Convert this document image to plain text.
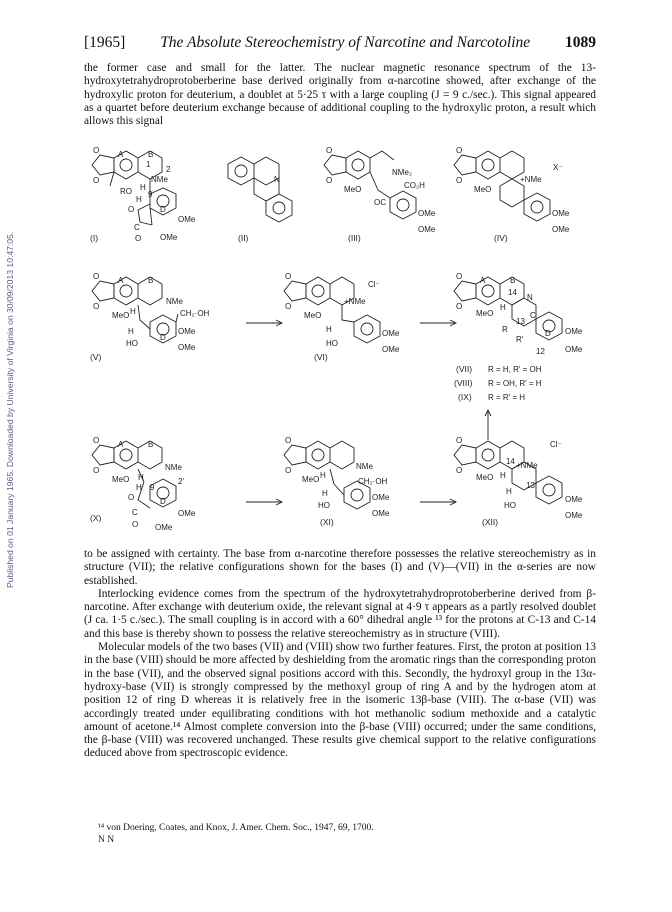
Published on 01 January 1965. Downloaded by University of Virginia on 30/09/2013 10:47:05.
[1965] The Absolute Stereochemistry of Narcotine and Narcotoline 1089

the former case and small for the latter. The nuclear magnetic resonance spectrum of the 13-hydroxytetrahydroprotoberberine base derived originally from α-narcotine showed, after exchange of the hydroxylic proton for deuterium, a doublet at 5·25 τ with a large coupling (J = 9 c./sec.). This signal appeared as a quartet before deuterium exchange because of additional coupling to the hydroxylic proton, a result which allows this signal

O
O
A	B
1
NMe
2
RO H
H
9
D
O
C
O
OMe
OMe
(I)
N
(II)
O
O
NMe₂
MeO
OC
CO₂H
OMe
OMe
(III)
O
O	+NMe
X⁻
MeO
OMe
OMe
(IV)
O
O
A	B
NMe
MeO H	CH₂·OH
H
HO
D
OMe
OMe
(V)
O
O
+NMe
Cl⁻
MeO
H
HO
OMe
OMe
(VI)
O
O
A	B
14
N
MeO
H
C
13
R
R′
D
12
OMe
OMe
(VII) R = H, R′ = OH
(VIII) R = OH, R′ = H
(IX) R = R′ = H
O
O
A	B
NMe
MeO H
H 9
2′
D
O
C
O
OMe
OMe
(X)
O
O	NMe
MeO H
CH₂·OH
H
HO
OMe
OMe
(XI)
O
O
14 +NMe
Cl⁻
MeO H
13
H
HO
OMe
OMe
(XII)

to be assigned with certainty. The base from α-narcotine therefore possesses the relative stereochemistry as in structure (VII); the relative configurations shown for the bases (I) and (V)—(VII) in the α-series are now established.

Interlocking evidence comes from the spectrum of the hydroxytetrahydroprotoberberine derived from β-narcotine. After exchange with deuterium oxide, the relevant signal at 4·9 τ appears as a partly resolved doublet (J ca. 1·5 c./sec.). The small coupling is in accord with a 60° dihedral angle ¹³ for the protons at C-13 and C-14 and this base is thereby shown to possess the relative stereochemistry as in structure (VIII).

Molecular models of the two bases (VII) and (VIII) show two further features. First, the proton at position 13 in the base (VIII) should be more affected by deshielding from the aromatic rings than the corresponding proton in the base (VII), and the observed signal positions accord with this. Secondly, the hydroxyl group in the 13α-hydroxy-base (VII) is strongly compressed by the methoxyl group of ring A and by the hydrogen atom at position 12 of ring D whereas it is relatively free in the isomeric 13β-base (VIII). The α-base (VII) was accordingly treated under equilibrating conditions with hot methanolic sodium methoxide and a catalytic amount of acetone.¹⁴ Almost complete conversion into the β-base (VIII) occurred; under the same conditions, the β-base (VIII) was recovered unchanged. These results give chemical support to the relative configurations deduced above from spectroscopic evidence.

¹⁴ von Doering, Coates, and Knox, J. Amer. Chem. Soc., 1947, 69, 1700.
N N
